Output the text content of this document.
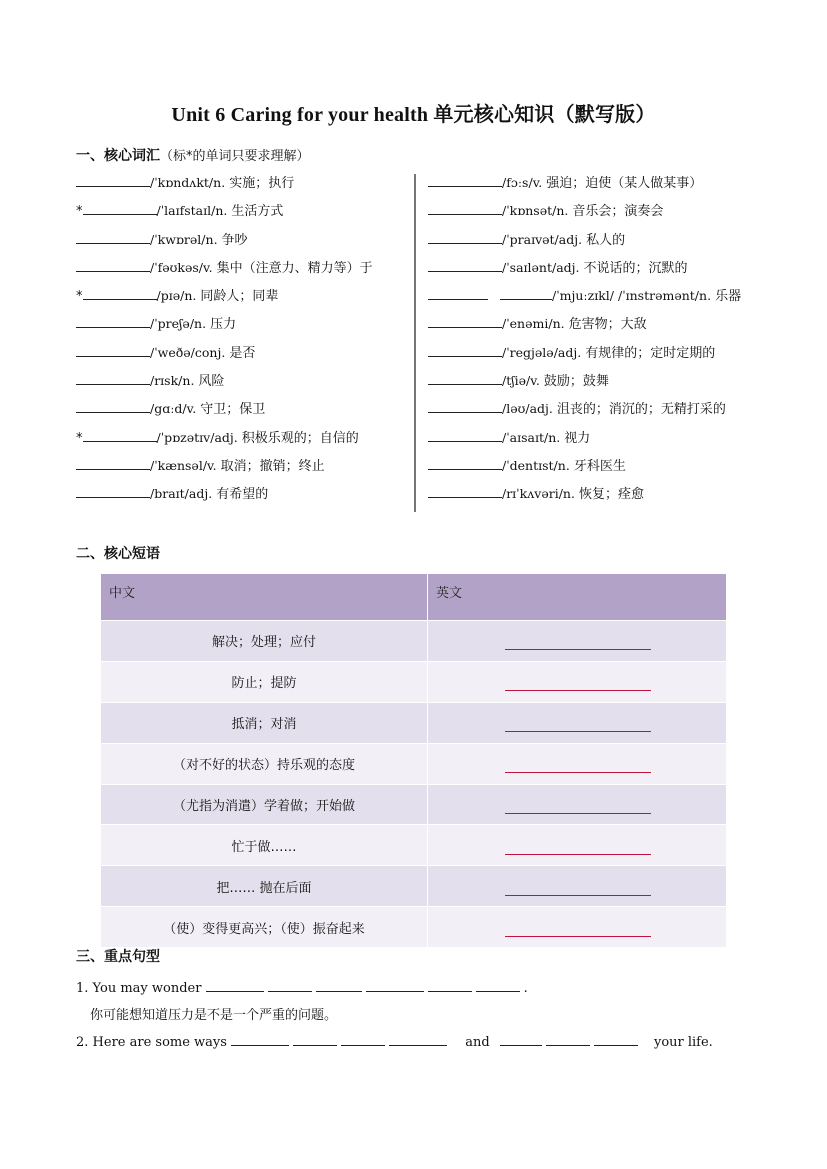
Unit 6 Caring for your health 单元核心知识（默写版）
一、核心词汇（标*的单词只要求理解）
/ˈkɒndʌkt/n. 实施；执行
*	/ˈlaɪfstaɪl/n. 生活方式
/ˈkwɒrəl/n. 争吵
/ˈfəʊkəs/v. 集中（注意力、精力等）于
*	/pɪə/n. 同龄人；同辈
/ˈpreʃə/n. 压力
/ˈweðə/conj. 是否
/rɪsk/n. 风险
/gɑːd/v. 守卫；保卫
*	/ˈpɒzətɪv/adj. 积极乐观的；自信的
/ˈkænsəl/v. 取消；撤销；终止
/braɪt/adj. 有希望的
/fɔːs/v. 强迫；迫使（某人做某事）
/ˈkɒnsət/n. 音乐会；演奏会
/ˈpraɪvət/adj. 私人的
/ˈsaɪlənt/adj. 不说话的；沉默的
/ˈmjuːzɪkl/ /ˈɪnstrəmənt/n. 乐器
/ˈenəmi/n. 危害物；大敌
/ˈregjələ/adj. 有规律的；定时定期的
/tʃiə/v. 鼓励；鼓舞
/ləʊ/adj. 沮丧的；消沉的；无精打采的
/ˈaɪsaɪt/n. 视力
/ˈdentɪst/n. 牙科医生
/rɪˈkʌvəri/n. 恢复；痊愈
二、核心短语
中文	英文
解决；处理；应付	

防止；提防	

抵消；对消	

（对不好的状态）持乐观的态度	

（尤指为消遣）学着做；开始做	

忙于做……	

把…… 抛在后面	

（使）变得更高兴；（使）振奋起来	
三、重点句型
1. You may wonder	.
你可能想知道压力是不是一个严重的问题。
2. Here are some ways	and	your life.
